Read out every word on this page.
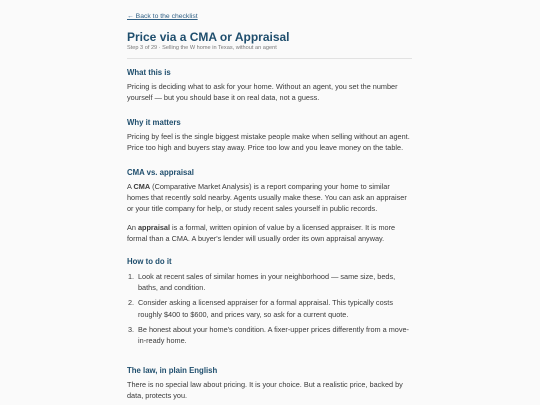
← Back to the checklist
Price via a CMA or Appraisal
Step 3 of 29 · Selling the W home in Texas, without an agent
What this is

Pricing is deciding what to ask for your home. Without an agent, you set the number yourself — but you should base it on real data, not a guess.

Why it matters

Pricing by feel is the single biggest mistake people make when selling without an agent. Price too high and buyers stay away. Price too low and you leave money on the table.

CMA vs. appraisal

A CMA (Comparative Market Analysis) is a report comparing your home to similar homes that recently sold nearby. Agents usually make these. You can ask an appraiser or your title company for help, or study recent sales yourself in public records.

An appraisal is a formal, written opinion of value by a licensed appraiser. It is more formal than a CMA. A buyer's lender will usually order its own appraisal anyway.

How to do it
1. Look at recent sales of similar homes in your neighborhood — same size, beds, baths, and condition.
2. Consider asking a licensed appraiser for a formal appraisal. This typically costs roughly $400 to $600, and prices vary, so ask for a current quote.
3. Be honest about your home's condition. A fixer-upper prices differently from a move-in-ready home.
The law, in plain English

There is no special law about pricing. It is your choice. But a realistic price, backed by data, protects you.
